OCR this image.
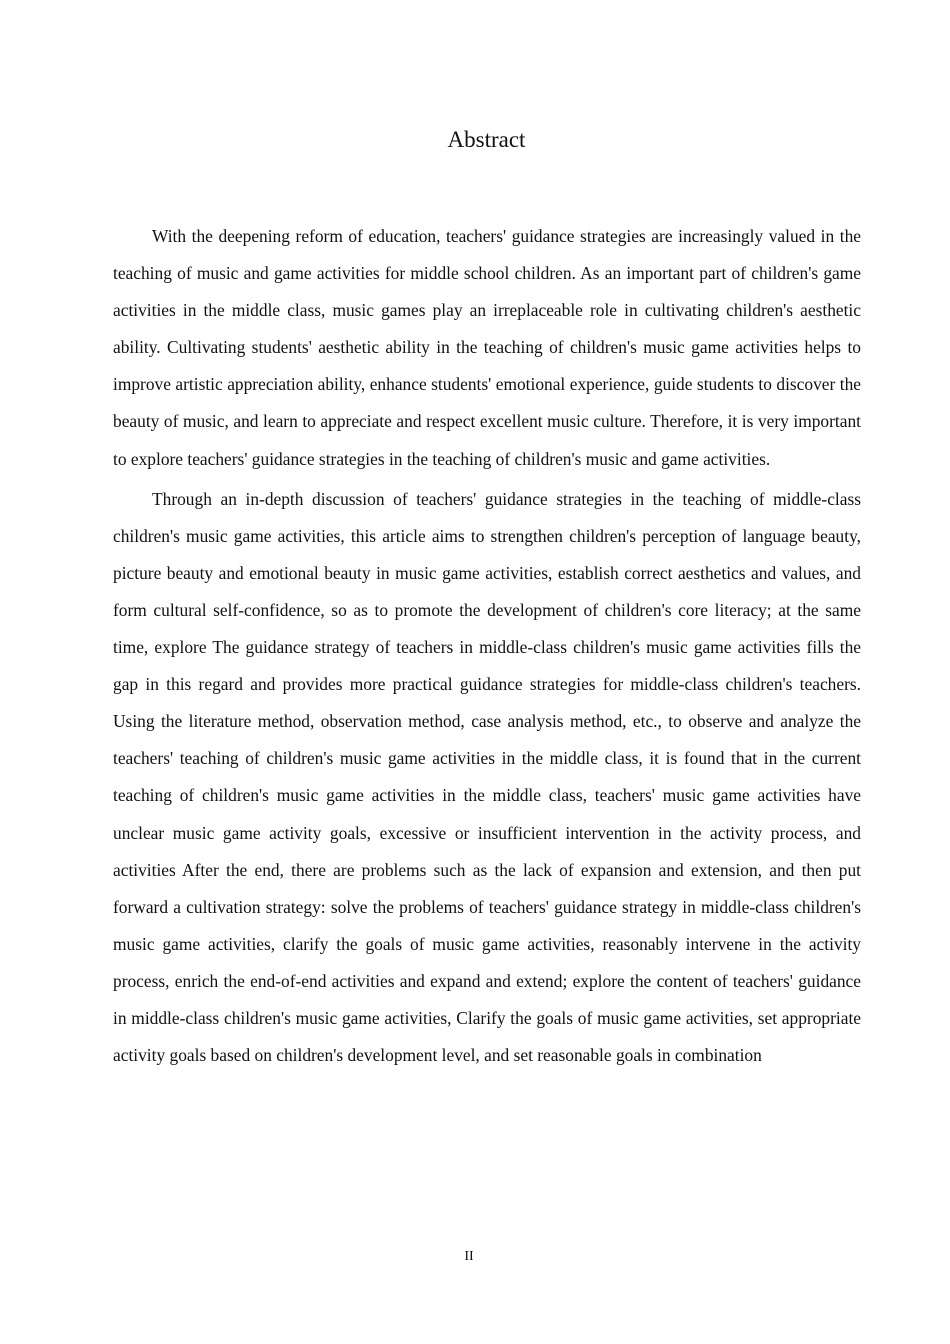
Abstract

With the deepening reform of education, teachers' guidance strategies are increasingly valued in the teaching of music and game activities for middle school children. As an important part of children's game activities in the middle class, music games play an irreplaceable role in cultivating children's aesthetic ability. Cultivating students' aesthetic ability in the teaching of children's music game activities helps to improve artistic appreciation ability, enhance students' emotional experience, guide students to discover the beauty of music, and learn to appreciate and respect excellent music culture. Therefore, it is very important to explore teachers' guidance strategies in the teaching of children's music and game activities.

Through an in-depth discussion of teachers' guidance strategies in the teaching of middle-class children's music game activities, this article aims to strengthen children's perception of language beauty, picture beauty and emotional beauty in music game activities, establish correct aesthetics and values, and form cultural self-confidence, so as to promote the development of children's core literacy; at the same time, explore The guidance strategy of teachers in middle-class children's music game activities fills the gap in this regard and provides more practical guidance strategies for middle-class children's teachers. Using the literature method, observation method, case analysis method, etc., to observe and analyze the teachers' teaching of children's music game activities in the middle class, it is found that in the current teaching of children's music game activities in the middle class, teachers' music game activities have unclear music game activity goals, excessive or insufficient intervention in the activity process, and activities After the end, there are problems such as the lack of expansion and extension, and then put forward a cultivation strategy: solve the problems of teachers' guidance strategy in middle-class children's music game activities, clarify the goals of music game activities, reasonably intervene in the activity process, enrich the end-of-end activities and expand and extend; explore the content of teachers' guidance in middle-class children's music game activities, Clarify the goals of music game activities, set appropriate activity goals based on children's development level, and set reasonable goals in combination

II
